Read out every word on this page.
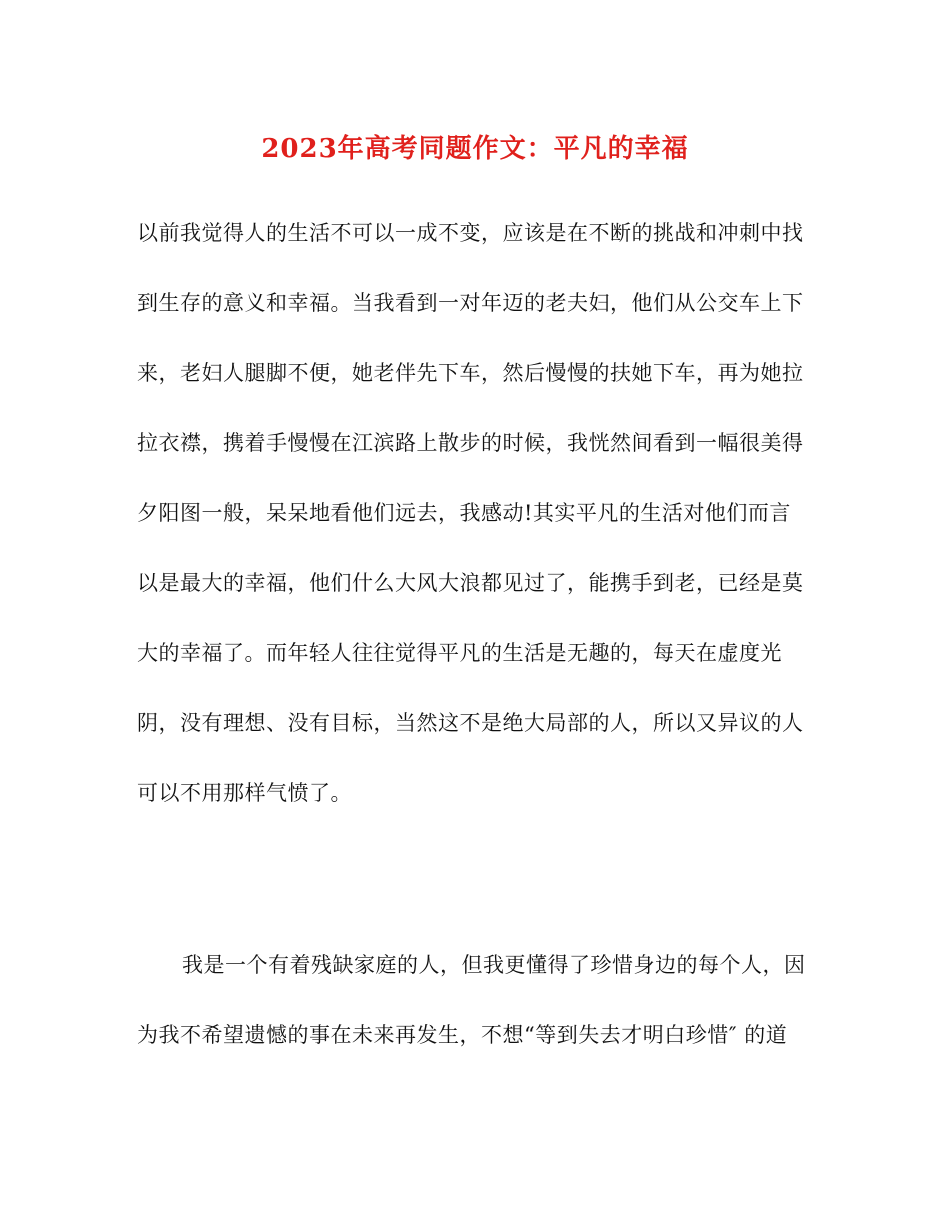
2023年高考同题作文：平凡的幸福
以前我觉得人的生活不可以一成不变，应该是在不断的挑战和冲刺中找
到生存的意义和幸福。当我看到一对年迈的老夫妇，他们从公交车上下
来，老妇人腿脚不便，她老伴先下车，然后慢慢的扶她下车，再为她拉
拉衣襟，携着手慢慢在江滨路上散步的时候，我恍然间看到一幅很美得
夕阳图一般，呆呆地看他们远去，我感动!其实平凡的生活对他们而言
以是最大的幸福，他们什么大风大浪都见过了，能携手到老，已经是莫
大的幸福了。而年轻人往往觉得平凡的生活是无趣的，每天在虚度光
阴，没有理想、没有目标，当然这不是绝大局部的人，所以又异议的人
可以不用那样气愤了。
我是一个有着残缺家庭的人，但我更懂得了珍惜身边的每个人，因
为我不希望遗憾的事在未来再发生，不想“等到失去才明白珍惜″ 的道
